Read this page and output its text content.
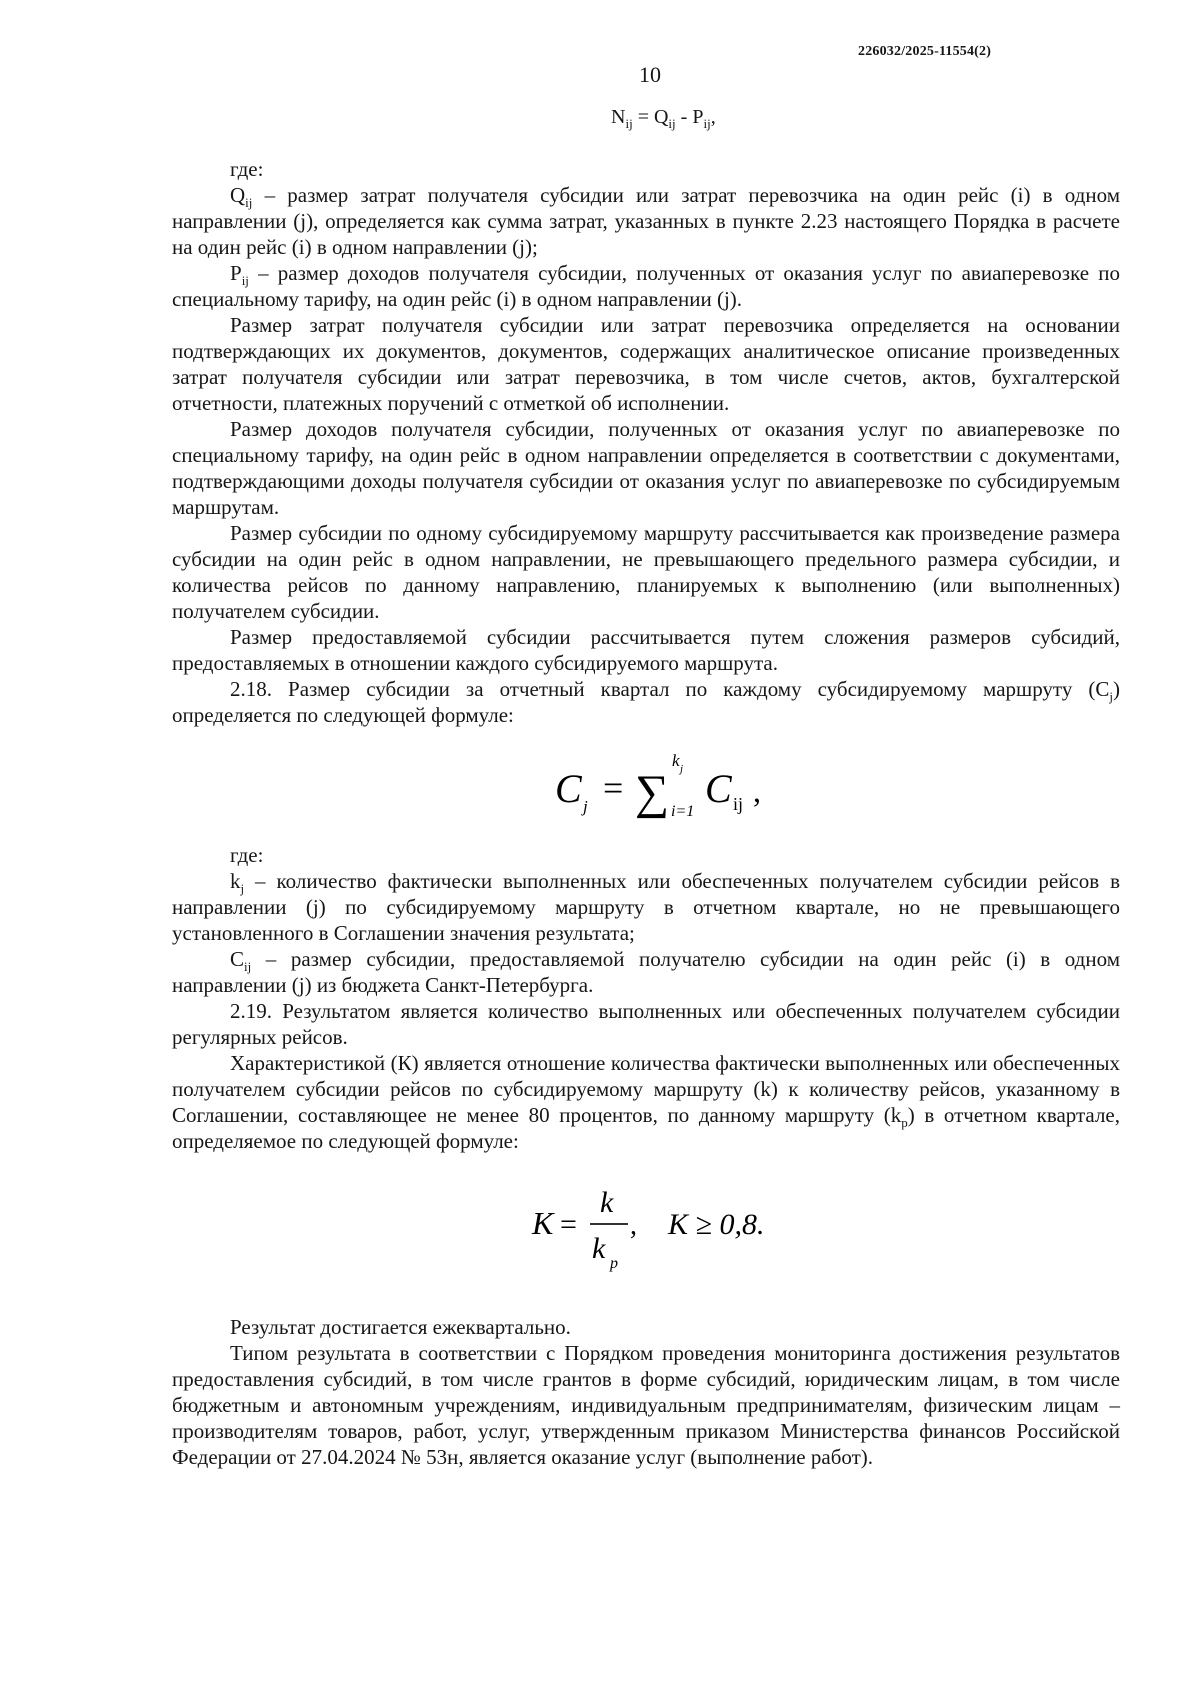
226032/2025-11554(2)
10
$N_{ij} = Q_{ij} - P_{ij}$,

где:

$Q_{ij}$ – размер затрат получателя субсидии или затрат перевозчика на один рейс (i) в одном направлении (j), определяется как сумма затрат, указанных в пункте 2.23 настоящего Порядка в расчете на один рейс (i) в одном направлении (j);

$P_{ij}$ – размер доходов получателя субсидии, полученных от оказания услуг по авиаперевозке по специальному тарифу, на один рейс (i) в одном направлении (j).

Размер затрат получателя субсидии или затрат перевозчика определяется на основании подтверждающих их документов, документов, содержащих аналитическое описание произведенных затрат получателя субсидии или затрат перевозчика, в том числе счетов, актов, бухгалтерской отчетности, платежных поручений с отметкой об исполнении.

Размер доходов получателя субсидии, полученных от оказания услуг по авиаперевозке по специальному тарифу, на один рейс в одном направлении определяется в соответствии с документами, подтверждающими доходы получателя субсидии от оказания услуг по авиаперевозке по субсидируемым маршрутам.

Размер субсидии по одному субсидируемому маршруту рассчитывается как произведение размера субсидии на один рейс в одном направлении, не превышающего предельного размера субсидии, и количества рейсов по данному направлению, планируемых к выполнению (или выполненных) получателем субсидии.

Размер предоставляемой субсидии рассчитывается путем сложения размеров субсидий, предоставляемых в отношении каждого субсидируемого маршрута.

2.18. Размер субсидии за отчетный квартал по каждому субсидируемому маршруту $(C_j)$ определяется по следующей формуле:

C j = ∑
k j
i=1
C ij ,

где:

$k_j$ – количество фактически выполненных или обеспеченных получателем субсидии рейсов в направлении (j) по субсидируемому маршруту в отчетном квартале, но не превышающего установленного в Соглашении значения результата;

$C_{ij}$ – размер субсидии, предоставляемой получателю субсидии на один рейс (i) в одном направлении (j) из бюджета Санкт-Петербурга.

2.19. Результатом является количество выполненных или обеспеченных получателем субсидии регулярных рейсов.

Характеристикой (К) является отношение количества фактически выполненных или обеспеченных получателем субсидии рейсов по субсидируемому маршруту (k) к количеству рейсов, указанному в Соглашении, составляющее не менее 80 процентов, по данному маршруту $(k_p)$ в отчетном квартале, определяемое по следующей формуле:

K =
k
k p
, K ≥ 0,8.

Результат достигается ежеквартально.

Типом результата в соответствии с Порядком проведения мониторинга достижения результатов предоставления субсидий, в том числе грантов в форме субсидий, юридическим лицам, в том числе бюджетным и автономным учреждениям, индивидуальным предпринимателям, физическим лицам – производителям товаров, работ, услуг, утвержденным приказом Министерства финансов Российской Федерации от 27.04.2024 № 53н, является оказание услуг (выполнение работ).
